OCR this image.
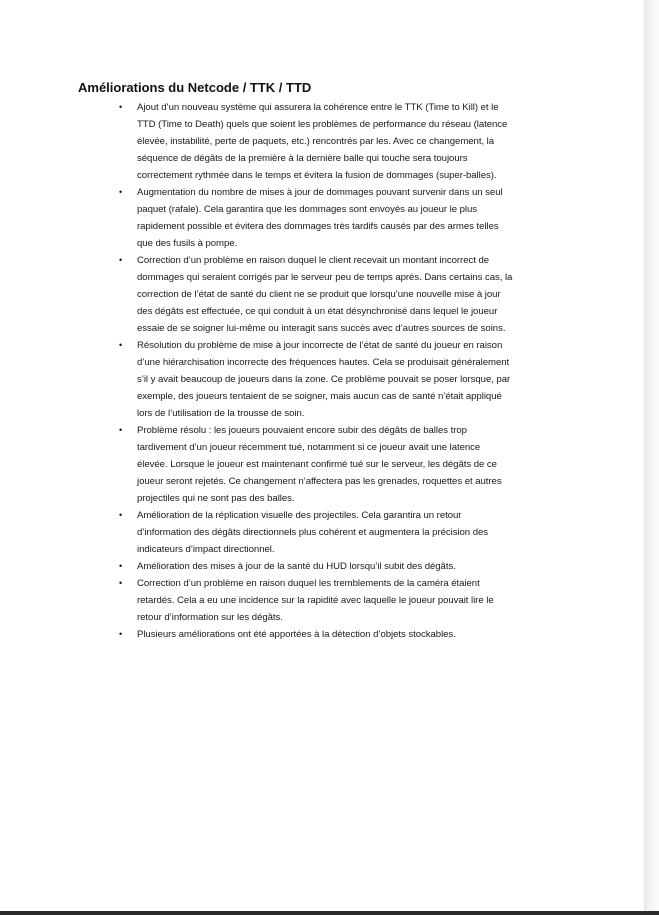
Améliorations du Netcode / TTK / TTD
• Ajout d’un nouveau système qui assurera la cohérence entre le TTK (Time to Kill) et le
TTD (Time to Death) quels que soient les problèmes de performance du réseau (latence
élevée, instabilité, perte de paquets, etc.) rencontrés par les. Avec ce changement, la
séquence de dégâts de la première à la dernière balle qui touche sera toujours
correctement rythmée dans le temps et évitera la fusion de dommages (super-balles).
• Augmentation du nombre de mises à jour de dommages pouvant survenir dans un seul
paquet (rafale). Cela garantira que les dommages sont envoyés au joueur le plus
rapidement possible et évitera des dommages très tardifs causés par des armes telles
que des fusils à pompe.
• Correction d’un problème en raison duquel le client recevait un montant incorrect de
dommages qui seraient corrigés par le serveur peu de temps après. Dans certains cas, la
correction de l’état de santé du client ne se produit que lorsqu’une nouvelle mise à jour
des dégâts est effectuée, ce qui conduit à un état désynchronisé dans lequel le joueur
essaie de se soigner lui-même ou interagit sans succès avec d’autres sources de soins.
• Résolution du problème de mise à jour incorrecte de l’état de santé du joueur en raison
d’une hiérarchisation incorrecte des fréquences hautes. Cela se produisait généralement
s’il y avait beaucoup de joueurs dans la zone. Ce problème pouvait se poser lorsque, par
exemple, des joueurs tentaient de se soigner, mais aucun cas de santé n’était appliqué
lors de l’utilisation de la trousse de soin.
• Problème résolu : les joueurs pouvaient encore subir des dégâts de balles trop
tardivement d’un joueur récemment tué, notamment si ce joueur avait une latence
élevée. Lorsque le joueur est maintenant confirmé tué sur le serveur, les dégâts de ce
joueur seront rejetés. Ce changement n’affectera pas les grenades, roquettes et autres
projectiles qui ne sont pas des balles.
• Amélioration de la réplication visuelle des projectiles. Cela garantira un retour
d’information des dégâts directionnels plus cohérent et augmentera la précision des
indicateurs d’impact directionnel.
• Amélioration des mises à jour de la santé du HUD lorsqu’il subit des dégâts.
• Correction d’un problème en raison duquel les tremblements de la caméra étaient
retardés. Cela a eu une incidence sur la rapidité avec laquelle le joueur pouvait lire le
retour d’information sur les dégâts.
• Plusieurs améliorations ont été apportées à la détection d’objets stockables.
